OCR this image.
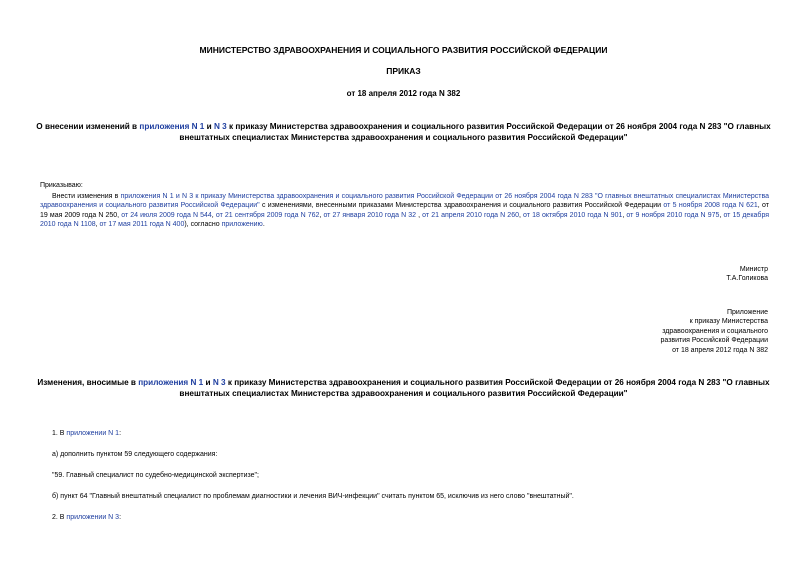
МИНИСТЕРСТВО ЗДРАВООХРАНЕНИЯ И СОЦИАЛЬНОГО РАЗВИТИЯ РОССИЙСКОЙ ФЕДЕРАЦИИ
ПРИКАЗ
от 18 апреля 2012 года N 382
О внесении изменений в приложения N 1 и N 3 к приказу Министерства здравоохранения и социального развития Российской Федерации от 26 ноября 2004 года N 283 "О главных внештатных специалистах Министерства здравоохранения и социального развития Российской Федерации"
Приказываю:
Внести изменения в приложения N 1 и N 3 к приказу Министерства здравоохранения и социального развития Российской Федерации от 26 ноября 2004 года N 283 "О главных внештатных специалистах Министерства здравоохранения и социального развития Российской Федерации" с изменениями, внесенными приказами Министерства здравоохранения и социального развития Российской Федерации от 5 ноября 2008 года N 621, от 19 мая 2009 года N 250, от 24 июля 2009 года N 544, от 21 сентября 2009 года N 762, от 27 января 2010 года N 32 , от 21 апреля 2010 года N 260, от 18 октября 2010 года N 901, от 9 ноября 2010 года N 975, от 15 декабря 2010 года N 1108, от 17 мая 2011 года N 400), согласно приложению.
Министр
Т.А.Голикова
Приложение
к приказу Министерства
здравоохранения и социального
развития Российской Федерации
от 18 апреля 2012 года N 382
Изменения, вносимые в приложения N 1 и N 3 к приказу Министерства здравоохранения и социального развития Российской Федерации от 26 ноября 2004 года N 283 "О главных внештатных специалистах Министерства здравоохранения и социального развития Российской Федерации"
1. В приложении N 1:
а) дополнить пунктом 59 следующего содержания:
"59. Главный специалист по судебно-медицинской экспертизе";
б) пункт 64 "Главный внештатный специалист по проблемам диагностики и лечения ВИЧ-инфекции" считать пунктом 65, исключив из него слово "внештатный".
2. В приложении N 3:
